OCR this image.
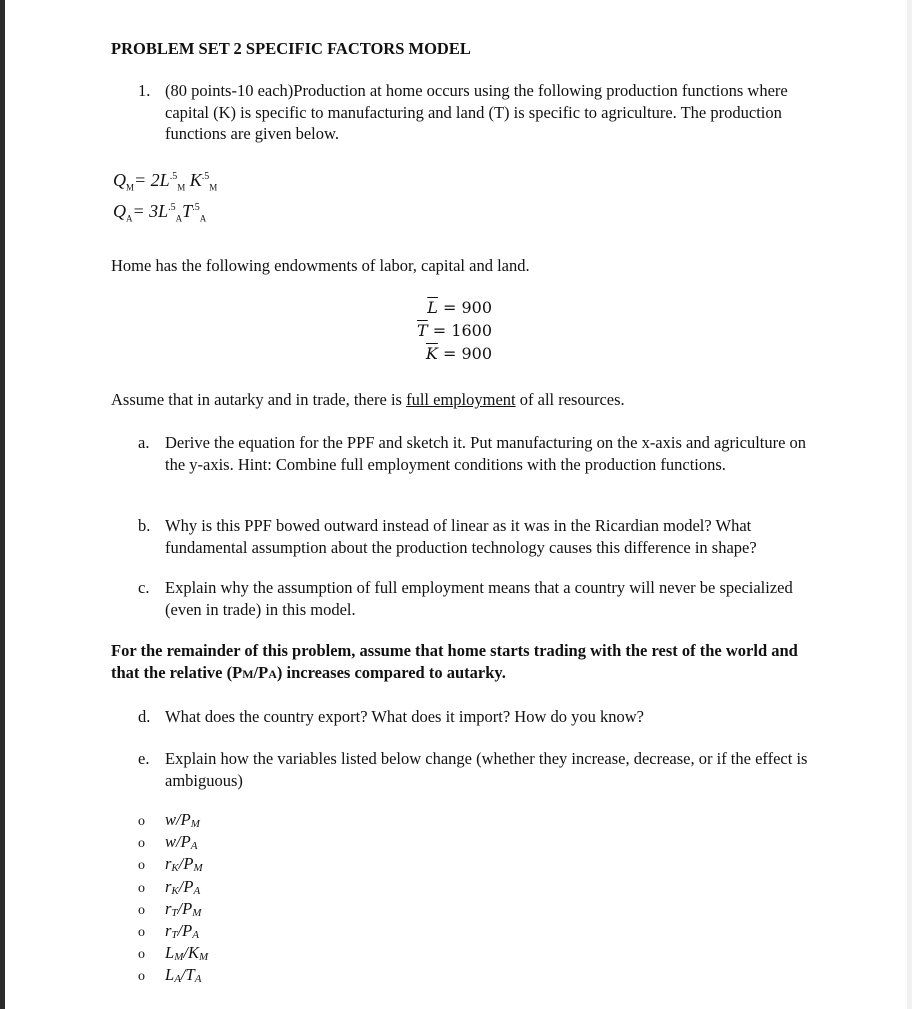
PROBLEM SET 2 SPECIFIC FACTORS MODEL
1. (80 points-10 each)Production at home occurs using the following production functions where capital (K) is specific to manufacturing and land (T) is specific to agriculture. The production functions are given below.
$Q_M= 2L^{.5}_M$ $K^{.5}_M$
$Q_A= 3L^{.5}_AT^{.5}_A$
Home has the following endowments of labor, capital and land.
$\overline{L} = 900$
$\overline{T} = 1600$
$\overline{K} = 900$
Assume that in autarky and in trade, there is full employment of all resources.
a. Derive the equation for the PPF and sketch it. Put manufacturing on the x-axis and agriculture on the y-axis. Hint: Combine full employment conditions with the production functions.
b. Why is this PPF bowed outward instead of linear as it was in the Ricardian model? What fundamental assumption about the production technology causes this difference in shape?
c. Explain why the assumption of full employment means that a country will never be specialized (even in trade) in this model.
For the remainder of this problem, assume that home starts trading with the rest of the world and that the relative (PM/PA) increases compared to autarky.
d. What does the country export? What does it import? How do you know?
e. Explain how the variables listed below change (whether they increase, decrease, or if the effect is ambiguous)
o $w/P_M$
o $w/P_A$
o $r_K/P_M$
o $r_K/P_A$
o $r_T/P_M$
o $r_T/P_A$
o $L_M/K_M$
o $L_A/T_A$
